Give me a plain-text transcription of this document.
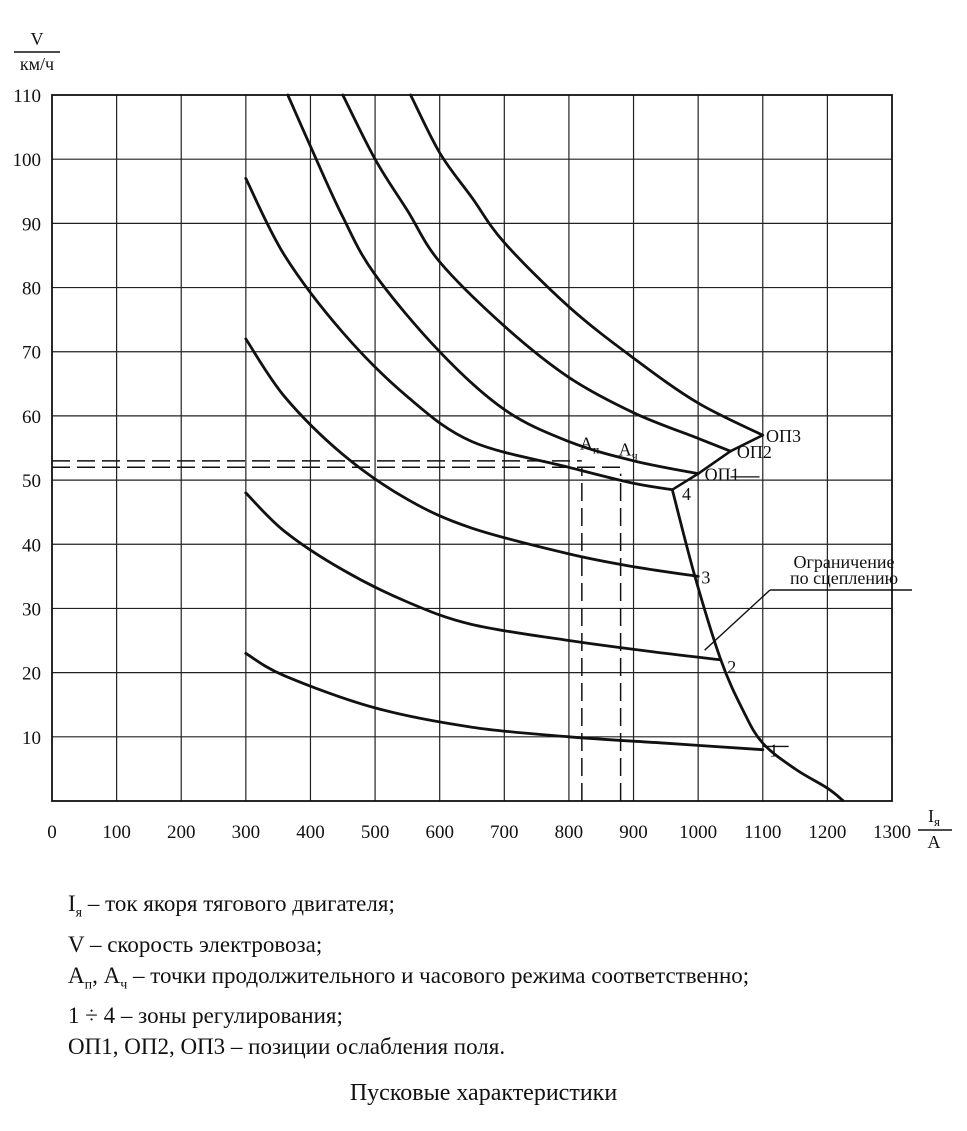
0 100 200 300 400 500 600 700 800 900 1000 1100 1200 1300
10
20
30
40
50
60
70
80
90
100
110
1
2
3
4
ОП1
ОП2
ОП3
$А_п$ $А_ч$
Ограничение
по сцеплению
V
км/ч
$I_я$
A
$I_я$ – ток якоря тягового двигателя;
V – скорость электровоза;
$А_п$, $А_ч$ – точки продолжительного и часового режима соответственно;
1 ÷ 4 – зоны регулирования;
ОП1, ОП2, ОП3 – позиции ослабления поля.
Пусковые характеристики
